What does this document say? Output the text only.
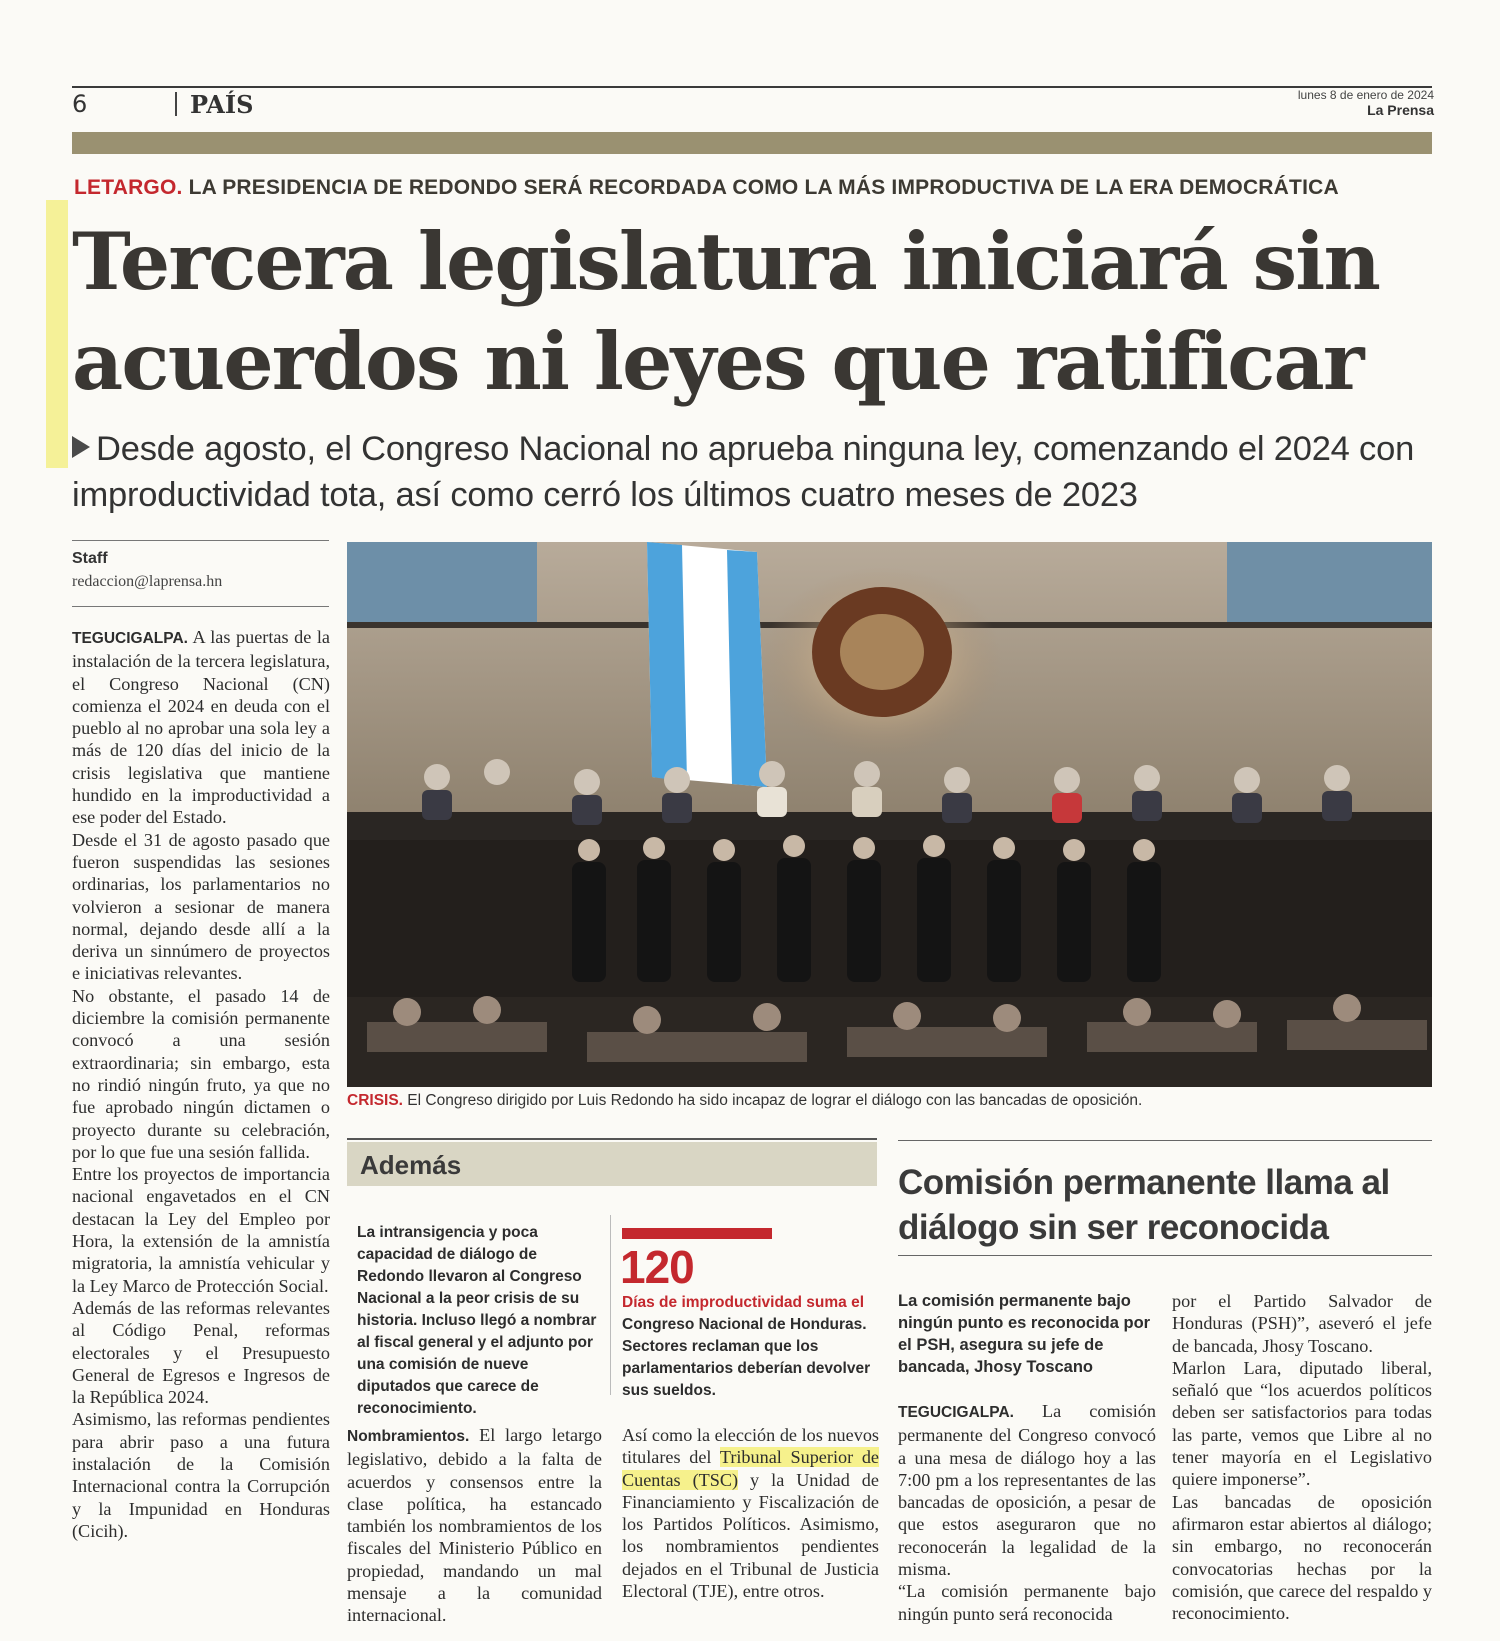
6	PAÍS	lunes 8 de enero de 2024
La Prensa
LETARGO. LA PRESIDENCIA DE REDONDO SERÁ RECORDADA COMO LA MÁS IMPRODUCTIVA DE LA ERA DEMOCRÁTICA
Tercera legislatura iniciará sin acuerdos ni leyes que ratificar
Desde agosto, el Congreso Nacional no aprueba ninguna ley, comenzando el 2024 con improductividad tota, así como cerró los últimos cuatro meses de 2023
Staff
redaccion@laprensa.hn

TEGUCIGALPA. A las puertas de la instalación de la tercera legislatura, el Congreso Nacional (CN) comienza el 2024 en deuda con el pueblo al no aprobar una sola ley a más de 120 días del inicio de la crisis legislativa que mantiene hundido en la improductividad a ese poder del Estado.

Desde el 31 de agosto pasado que fueron suspendidas las sesiones ordinarias, los parlamentarios no volvieron a sesionar de manera normal, dejando desde allí a la deriva un sinnúmero de proyectos e iniciativas relevantes.

No obstante, el pasado 14 de diciembre la comisión permanente convocó a una sesión extraordinaria; sin embargo, esta no rindió ningún fruto, ya que no fue aprobado ningún dictamen o proyecto durante su celebración, por lo que fue una sesión fallida.

Entre los proyectos de importancia nacional engavetados en el CN destacan la Ley del Empleo por Hora, la extensión de la amnistía migratoria, la amnistía vehicular y la Ley Marco de Protección Social.

Además de las reformas relevantes al Código Penal, reformas electorales y el Presupuesto General de Egresos e Ingresos de la República 2024.

Asimismo, las reformas pendientes para abrir paso a una futura instalación de la Comisión Internacional contra la Corrupción y la Impunidad en Honduras (Cicih).

CRISIS. El Congreso dirigido por Luis Redondo ha sido incapaz de lograr el diálogo con las bancadas de oposición.
Además
La intransigencia y poca capacidad de diálogo de Redondo llevaron al Congreso Nacional a la peor crisis de su historia. Incluso llegó a nombrar al fiscal general y el adjunto por una comisión de nueve diputados que carece de reconocimiento.
120
Días de improductividad suma el Congreso Nacional de Honduras. Sectores reclaman que los parlamentarios deberían devolver sus sueldos.

Nombramientos. El largo letargo legislativo, debido a la falta de acuerdos y consensos entre la clase política, ha estancado también los nombramientos de los fiscales del Ministerio Público en propiedad, mandando un mal mensaje a la comunidad internacional.

Así como la elección de los nuevos titulares del Tribunal Superior de Cuentas (TSC) y la Unidad de Financiamiento y Fiscalización de los Partidos Políticos. Asimismo, los nombramientos pendientes dejados en el Tribunal de Justicia Electoral (TJE), entre otros.

Comisión permanente llama al diálogo sin ser reconocida
La comisión permanente bajo ningún punto es reconocida por el PSH, asegura su jefe de bancada, Jhosy Toscano

TEGUCIGALPA. La comisión permanente del Congreso convocó a una mesa de diálogo hoy a las 7:00 pm a los representantes de las bancadas de oposición, a pesar de que estos aseguraron que no reconocerán la legalidad de la misma.

“La comisión permanente bajo ningún punto será reconocida

por el Partido Salvador de Honduras (PSH)”, aseveró el jefe de bancada, Jhosy Toscano.

Marlon Lara, diputado liberal, señaló que “los acuerdos políticos deben ser satisfactorios para todas las parte, vemos que Libre al no tener mayoría en el Legislativo quiere imponerse”.

Las bancadas de oposición afirmaron estar abiertos al diálogo; sin embargo, no reconocerán convocatorias hechas por la comisión, que carece del respaldo y reconocimiento.
